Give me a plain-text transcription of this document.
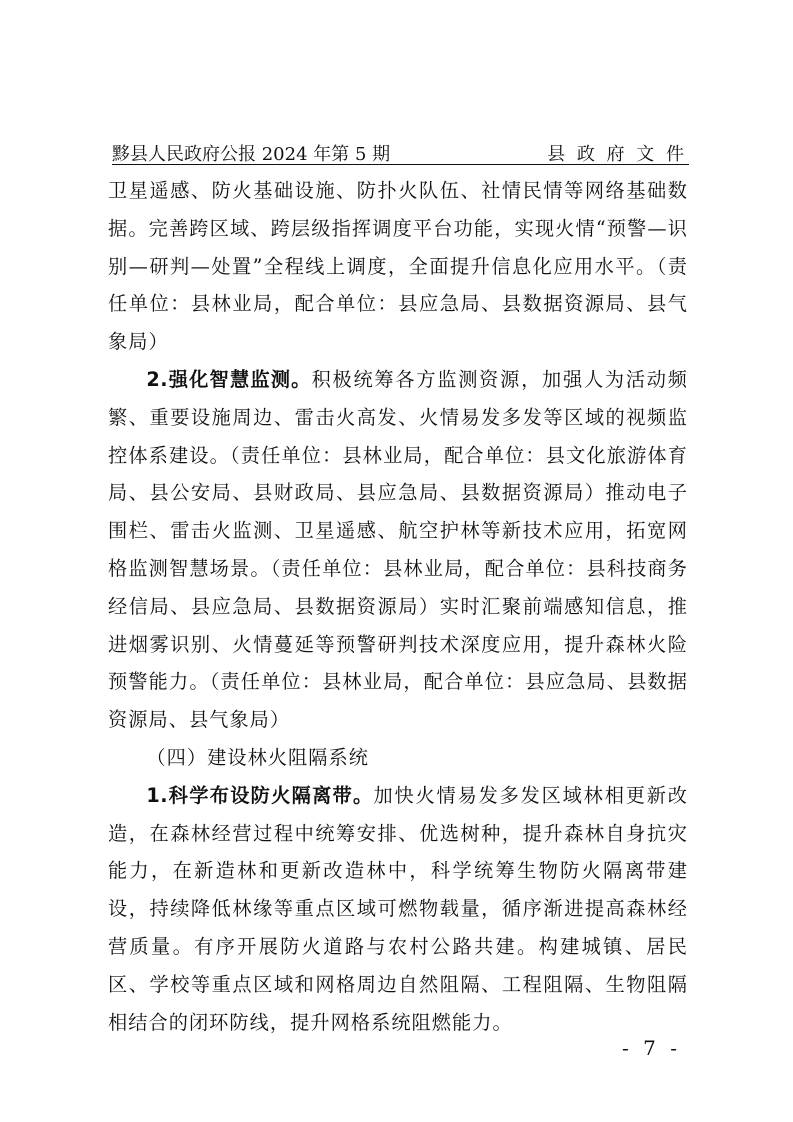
黟县人民政府公报 2024 年第 5 期	县 政 府 文 件

卫星遥感、防火基础设施、防扑火队伍、社情民情等网络基础数据。完善跨区域、跨层级指挥调度平台功能，实现火情“预警—识别—研判—处置”全程线上调度，全面提升信息化应用水平。（责任单位：县林业局，配合单位：县应急局、县数据资源局、县气象局）

2.强化智慧监测。积极统筹各方监测资源，加强人为活动频繁、重要设施周边、雷击火高发、火情易发多发等区域的视频监控体系建设。（责任单位：县林业局，配合单位：县文化旅游体育局、县公安局、县财政局、县应急局、县数据资源局）推动电子围栏、雷击火监测、卫星遥感、航空护林等新技术应用，拓宽网格监测智慧场景。（责任单位：县林业局，配合单位：县科技商务经信局、县应急局、县数据资源局）实时汇聚前端感知信息，推进烟雾识别、火情蔓延等预警研判技术深度应用，提升森林火险预警能力。（责任单位：县林业局，配合单位：县应急局、县数据资源局、县气象局）

（四）建设林火阻隔系统

1.科学布设防火隔离带。加快火情易发多发区域林相更新改造，在森林经营过程中统筹安排、优选树种，提升森林自身抗灾能力，在新造林和更新改造林中，科学统筹生物防火隔离带建设，持续降低林缘等重点区域可燃物载量，循序渐进提高森林经营质量。有序开展防火道路与农村公路共建。构建城镇、居民区、学校等重点区域和网格周边自然阻隔、工程阻隔、生物阻隔相结合的闭环防线，提升网格系统阻燃能力。

- 7 -
